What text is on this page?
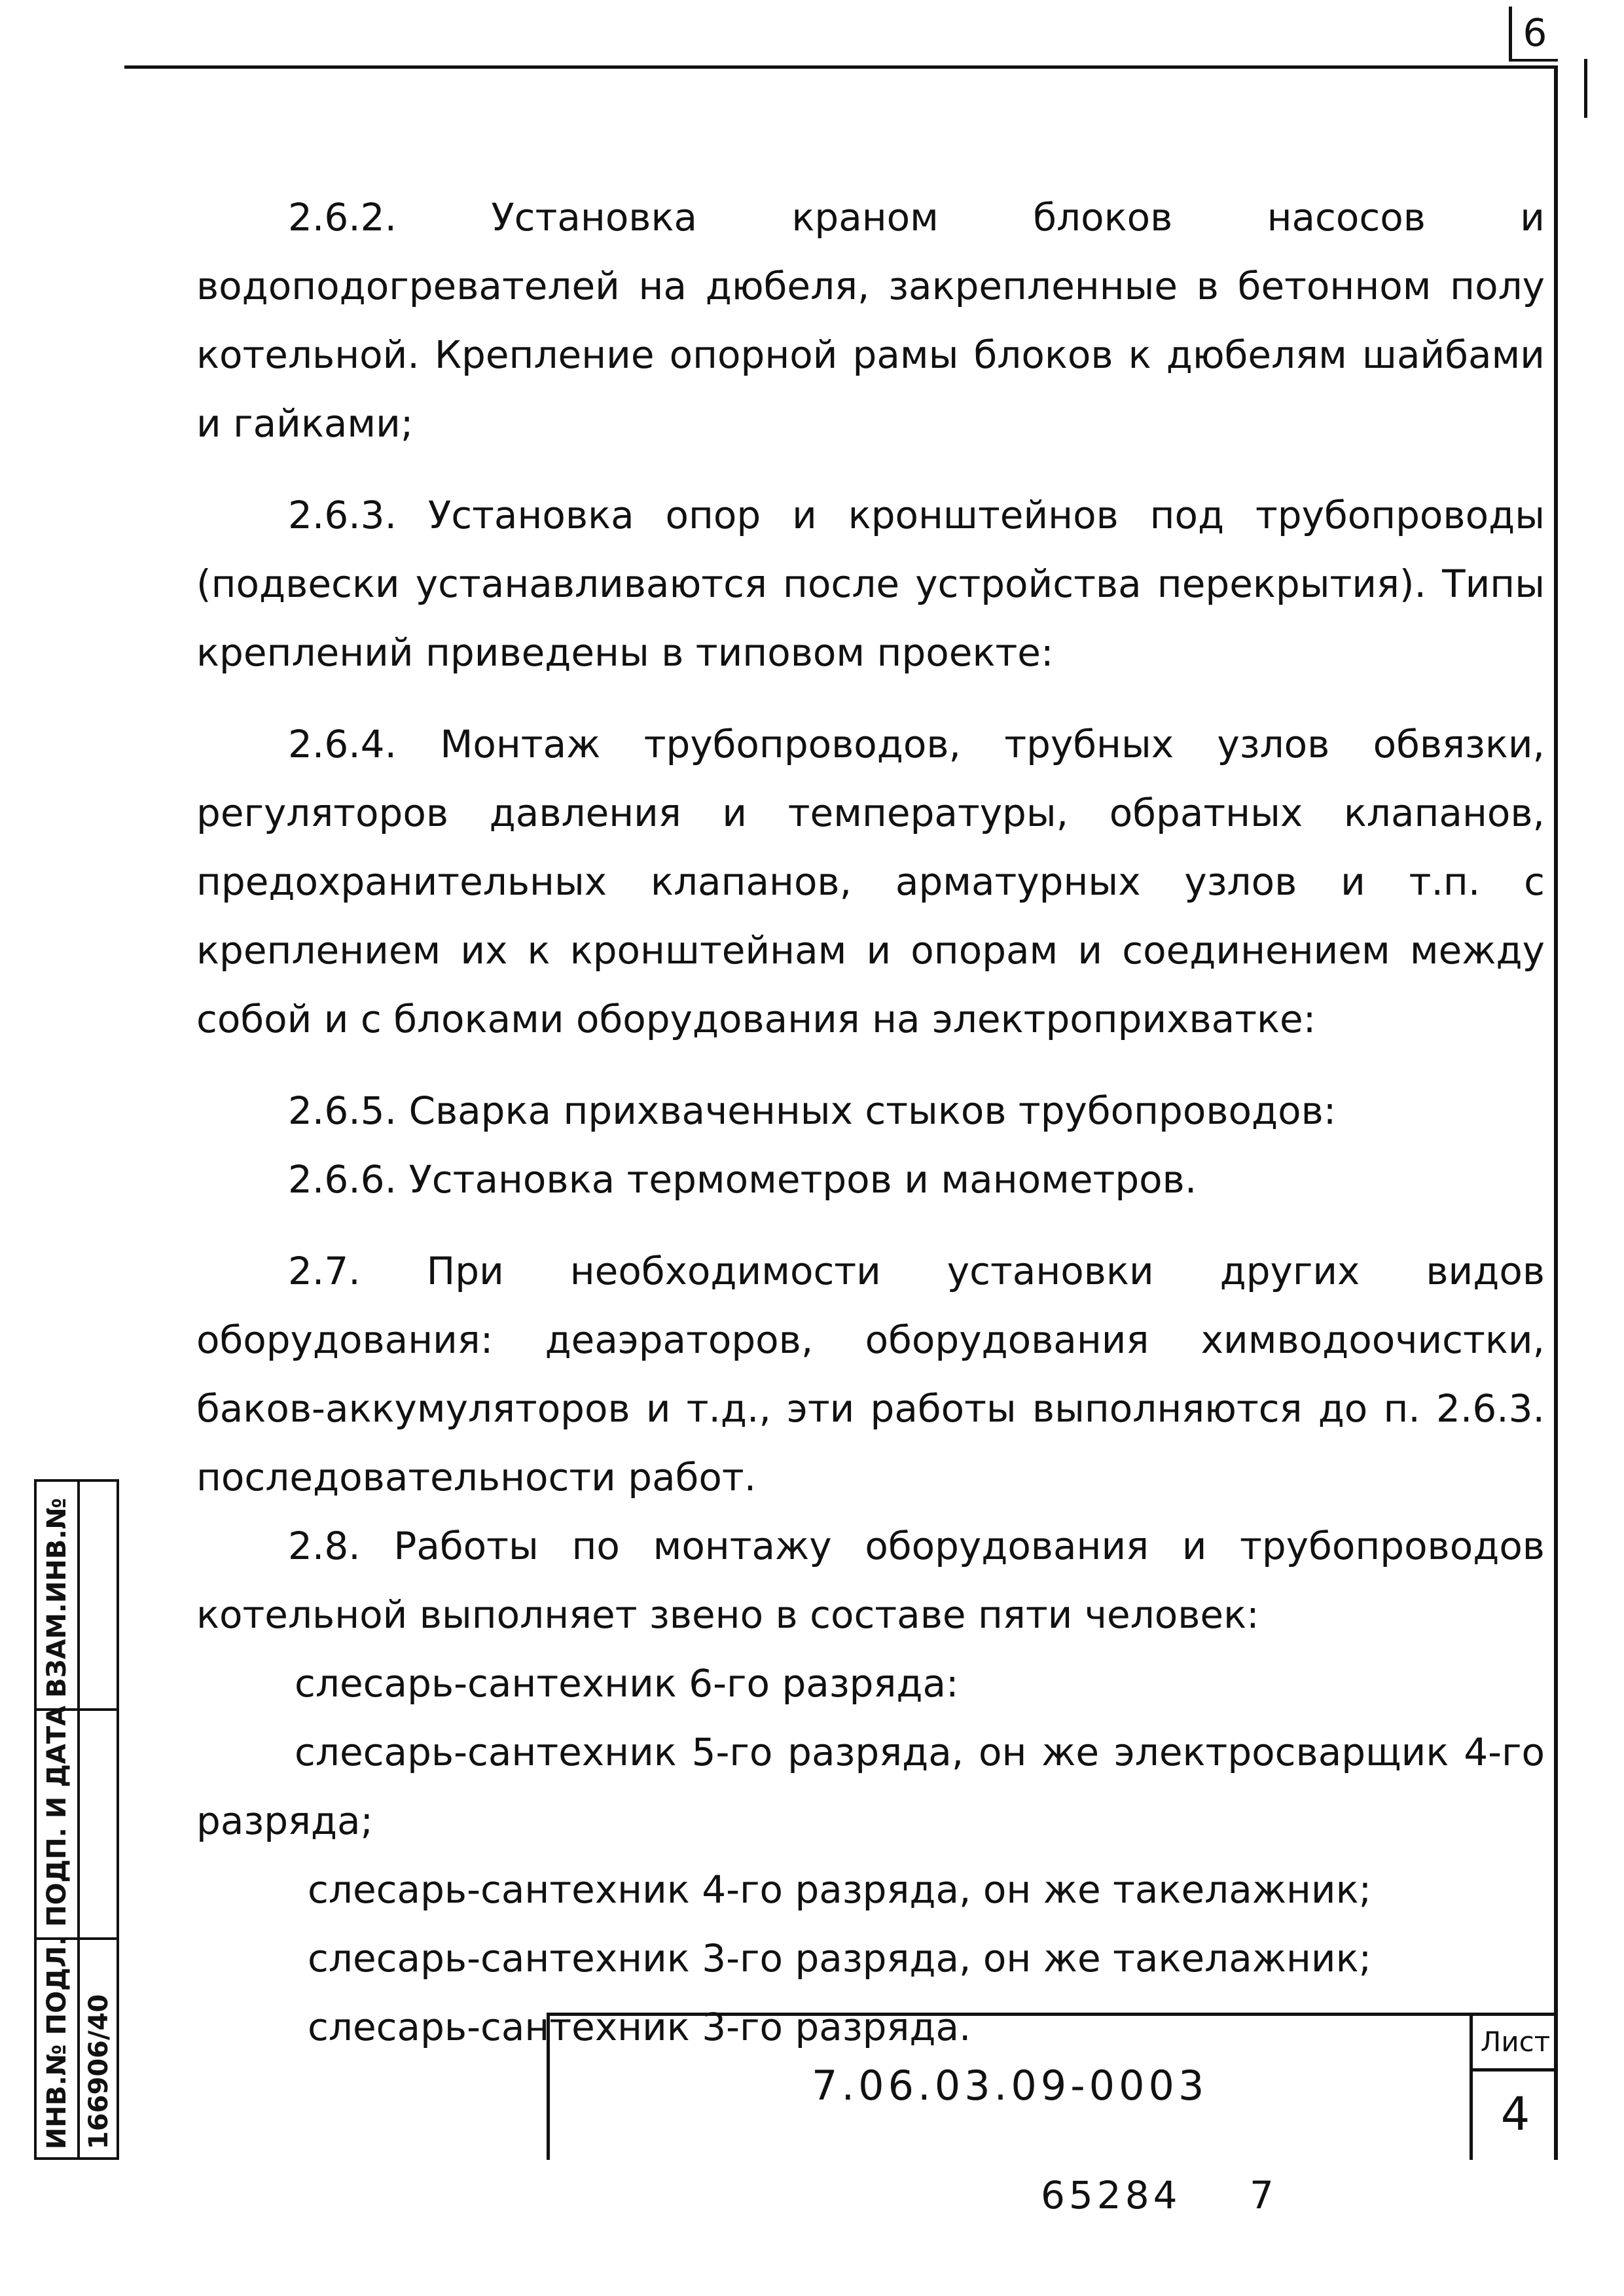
6

2.6.2. Установка краном блоков насосов и водоподогревателей на дюбеля, закрепленные в бетонном полу котельной. Крепление опорной рамы блоков к дюбелям шайбами и гайками;

2.6.3. Установка опор и кронштейнов под трубопроводы (подвески устанавливаются после устройства перекрытия). Типы креплений приведены в типовом проекте:

2.6.4. Монтаж трубопроводов, трубных узлов обвязки, регуляторов давления и температуры, обратных клапанов, предохранительных клапанов, арматурных узлов и т.п. с креплением их к кронштейнам и опорам и соединением между собой и с блоками оборудования на электроприхватке:

2.6.5. Сварка прихваченных стыков трубопроводов:

2.6.6. Установка термометров и манометров.

2.7. При необходимости установки других видов оборудования: деаэраторов, оборудования химводоочистки, баков-аккумуляторов и т.д., эти работы выполняются до п. 2.6.3. последовательности работ.

2.8. Работы по монтажу оборудования и трубопроводов котельной выполняет звено в составе пяти человек:

слесарь-сантехник 6-го разряда:

слесарь-сантехник 5-го разряда, он же электросварщик 4-го разряда;

слесарь-сантехник 4-го разряда, он же такелажник;

слесарь-сантехник 3-го разряда, он же такелажник;

слесарь-сантехник 3-го разряда.

ВЗАМ.ИНВ.№
ПОДП. И ДАТА
ИНВ.№ ПОДЛ. 166906/40	7.06.03.09-0003
Лист
4
65284 7
